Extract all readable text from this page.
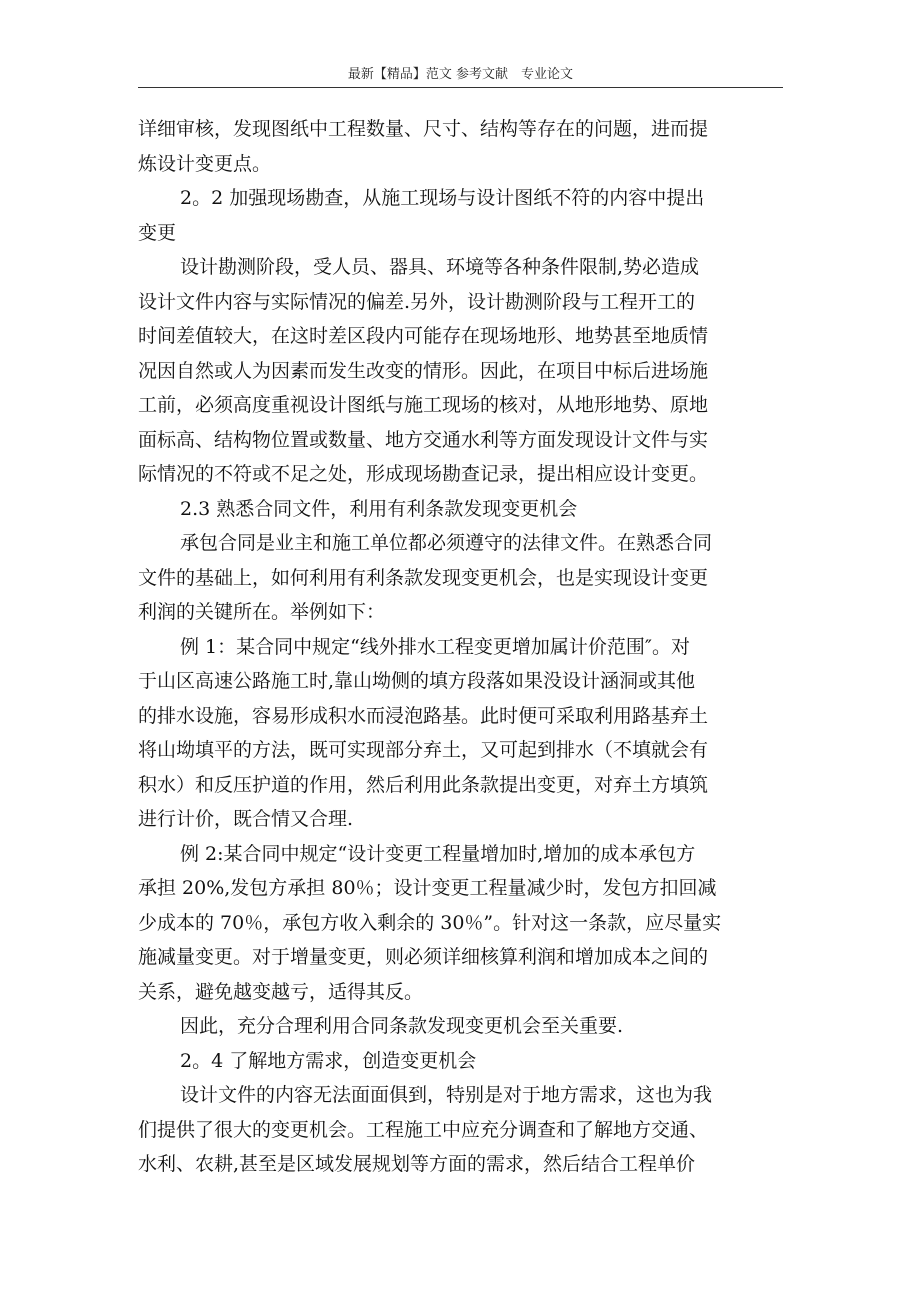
最新【精品】范文 参考文献　专业论文
详细审核，发现图纸中工程数量、尺寸、结构等存在的问题，进而提
炼设计变更点。
2。2 加强现场勘查，从施工现场与设计图纸不符的内容中提出
变更
设计勘测阶段，受人员、器具、环境等各种条件限制,势必造成
设计文件内容与实际情况的偏差.另外，设计勘测阶段与工程开工的
时间差值较大，在这时差区段内可能存在现场地形、地势甚至地质情
况因自然或人为因素而发生改变的情形。因此，在项目中标后进场施
工前，必须高度重视设计图纸与施工现场的核对，从地形地势、原地
面标高、结构物位置或数量、地方交通水利等方面发现设计文件与实
际情况的不符或不足之处，形成现场勘查记录，提出相应设计变更。
2.3 熟悉合同文件，利用有利条款发现变更机会
承包合同是业主和施工单位都必须遵守的法律文件。在熟悉合同
文件的基础上，如何利用有利条款发现变更机会，也是实现设计变更
利润的关键所在。举例如下：
例 1：某合同中规定“线外排水工程变更增加属计价范围″。对
于山区高速公路施工时,靠山坳侧的填方段落如果没设计涵洞或其他
的排水设施，容易形成积水而浸泡路基。此时便可采取利用路基弃土
将山坳填平的方法，既可实现部分弃土，又可起到排水（不填就会有
积水）和反压护道的作用，然后利用此条款提出变更，对弃土方填筑
进行计价，既合情又合理.
例 2:某合同中规定“设计变更工程量增加时,增加的成本承包方
承担 20%,发包方承担 80％；设计变更工程量减少时，发包方扣回减
少成本的 70％，承包方收入剩余的 30％”。针对这一条款，应尽量实
施减量变更。对于增量变更，则必须详细核算利润和增加成本之间的
关系，避免越变越亏，适得其反。
因此，充分合理利用合同条款发现变更机会至关重要.
2。4 了解地方需求，创造变更机会
设计文件的内容无法面面俱到，特别是对于地方需求，这也为我
们提供了很大的变更机会。工程施工中应充分调查和了解地方交通、
水利、农耕,甚至是区域发展规划等方面的需求，然后结合工程单价
